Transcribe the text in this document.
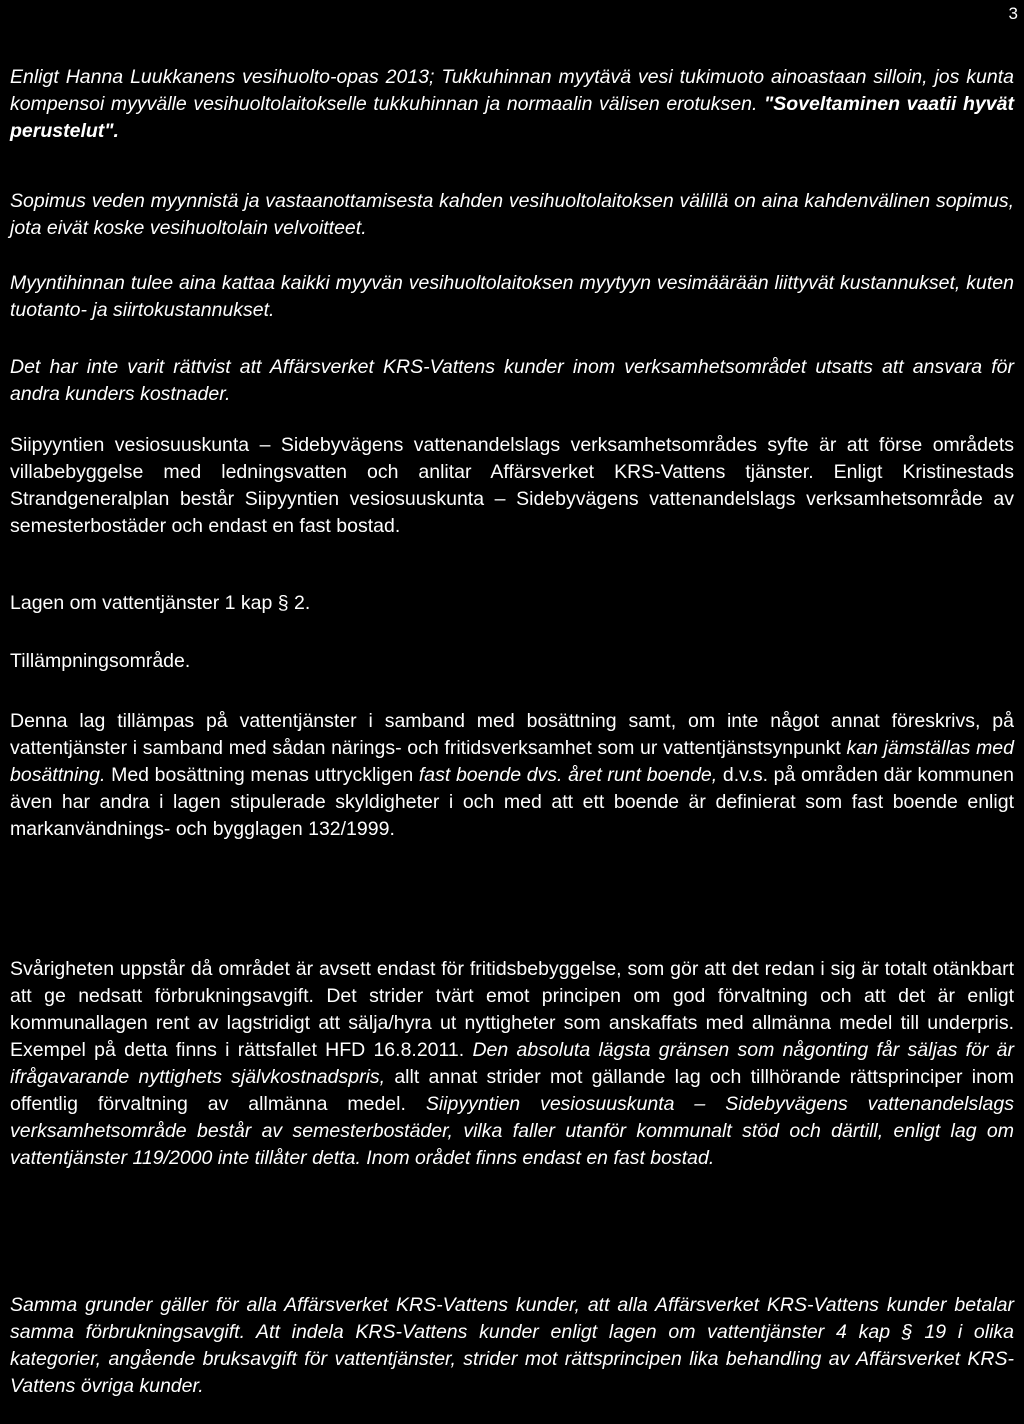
3

Enligt Hanna Luukkanens vesihuolto-opas 2013; Tukkuhinnan myytävä vesi tukimuoto ainoastaan silloin, jos kunta kompensoi myyvälle vesihuoltolaitokselle tukkuhinnan ja normaalin välisen erotuksen. "Soveltaminen vaatii hyvät perustelut".

Sopimus veden myynnistä ja vastaanottamisesta kahden vesihuoltolaitoksen välillä on aina kahdenvälinen sopimus, jota eivät koske vesihuoltolain velvoitteet.

Myyntihinnan tulee aina kattaa kaikki myyvän vesihuoltolaitoksen myytyyn vesimäärään liittyvät kustannukset, kuten tuotanto- ja siirtokustannukset.

Det har inte varit rättvist att Affärsverket KRS-Vattens kunder inom verksamhetsområdet utsatts att ansvara för andra kunders kostnader.

Siipyyntien vesiosuuskunta – Sidebyvägens vattenandelslags verksamhetsområdes syfte är att förse områdets villabebyggelse med ledningsvatten och anlitar Affärsverket KRS-Vattens tjänster. Enligt Kristinestads Strandgeneralplan består Siipyyntien vesiosuuskunta – Sidebyvägens vattenandelslags verksamhetsområde av semesterbostäder och endast en fast bostad.

Lagen om vattentjänster 1 kap § 2.

Tillämpningsområde.

Denna lag tillämpas på vattentjänster i samband med bosättning samt, om inte något annat föreskrivs, på vattentjänster i samband med sådan närings- och fritidsverksamhet som ur vattentjänstsynpunkt kan jämställas med bosättning. Med bosättning menas uttryckligen fast boende dvs. året runt boende, d.v.s. på områden där kommunen även har andra i lagen stipulerade skyldigheter i och med att ett boende är definierat som fast boende enligt markanvändnings- och bygglagen 132/1999.

Svårigheten uppstår då området är avsett endast för fritidsbebyggelse, som gör att det redan i sig är totalt otänkbart att ge nedsatt förbrukningsavgift. Det strider tvärt emot principen om god förvaltning och att det är enligt kommunallagen rent av lagstridigt att sälja/hyra ut nyttigheter som anskaffats med allmänna medel till underpris. Exempel på detta finns i rättsfallet HFD 16.8.2011. Den absoluta lägsta gränsen som någonting får säljas för är ifrågavarande nyttighets självkostnadspris, allt annat strider mot gällande lag och tillhörande rättsprinciper inom offentlig förvaltning av allmänna medel. Siipyyntien vesiosuuskunta – Sidebyvägens vattenandelslags verksamhetsområde består av semesterbostäder, vilka faller utanför kommunalt stöd och därtill, enligt lag om vattentjänster 119/2000 inte tillåter detta. Inom orådet finns endast en fast bostad.

Samma grunder gäller för alla Affärsverket KRS-Vattens kunder, att alla Affärsverket KRS-Vattens kunder betalar samma förbrukningsavgift. Att indela KRS-Vattens kunder enligt lagen om vattentjänster 4 kap § 19 i olika kategorier, angående bruksavgift för vattentjänster, strider mot rättsprincipen lika behandling av Affärsverket KRS-Vattens övriga kunder.
